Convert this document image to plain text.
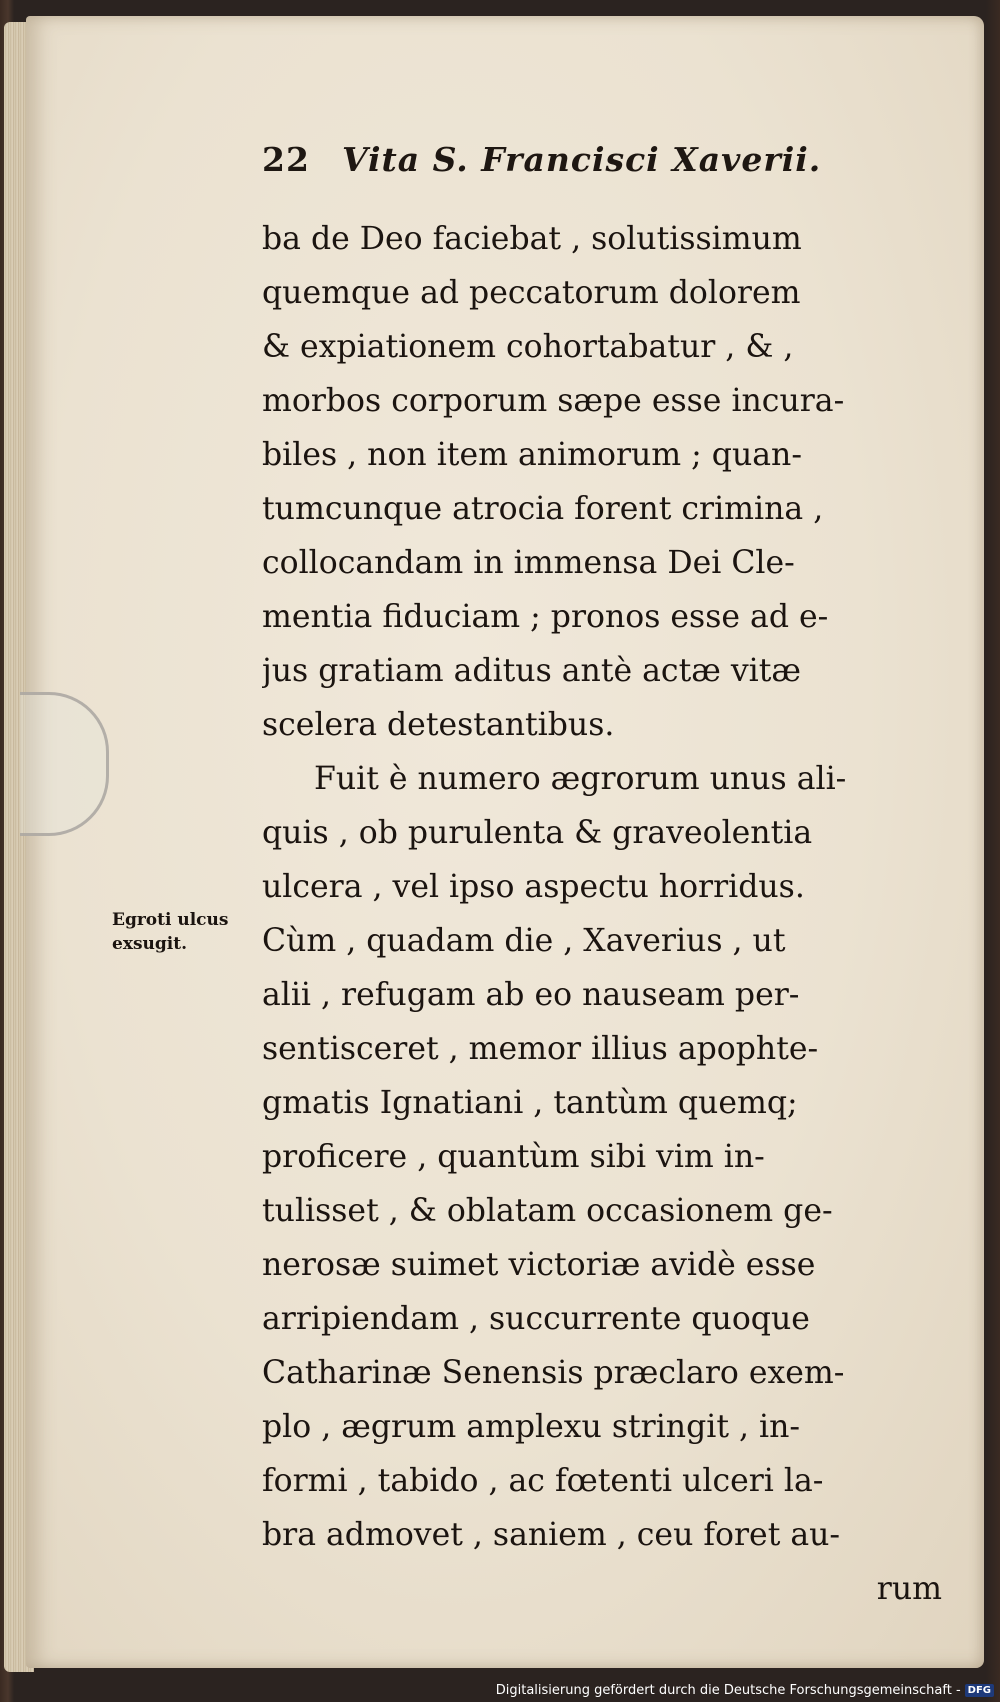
22 Vita S. Francisci Xaverii.
ba de Deo faciebat , solutissimum
quemque ad peccatorum dolorem
& expiationem cohortabatur , & ,
morbos corporum sæpe esse incura-
biles , non item animorum ; quan-
tumcunque atrocia forent crimina ,
collocandam in immensa Dei Cle-
mentia fiduciam ; pronos esse ad e-
jus gratiam aditus antè actæ vitæ
scelera detestantibus.
Fuit è numero ægrorum unus ali-
quis , ob purulenta & graveolentia
ulcera , vel ipso aspectu horridus.
Cùm , quadam die , Xaverius , ut
alii , refugam ab eo nauseam per-
sentisceret , memor illius apophte-
gmatis Ignatiani , tantùm quemq;
proficere , quantùm sibi vim in-
tulisset , & oblatam occasionem ge-
nerosæ suimet victoriæ avidè esse
arripiendam , succurrente quoque
Catharinæ Senensis præclaro exem-
plo , ægrum amplexu stringit , in-
formi , tabido , ac fœtenti ulceri la-
bra admovet , saniem , ceu foret au-
rum
Egroti ulcus exsugit.
Digitalisierung gefördert durch die Deutsche Forschungsgemeinschaft - DFG
